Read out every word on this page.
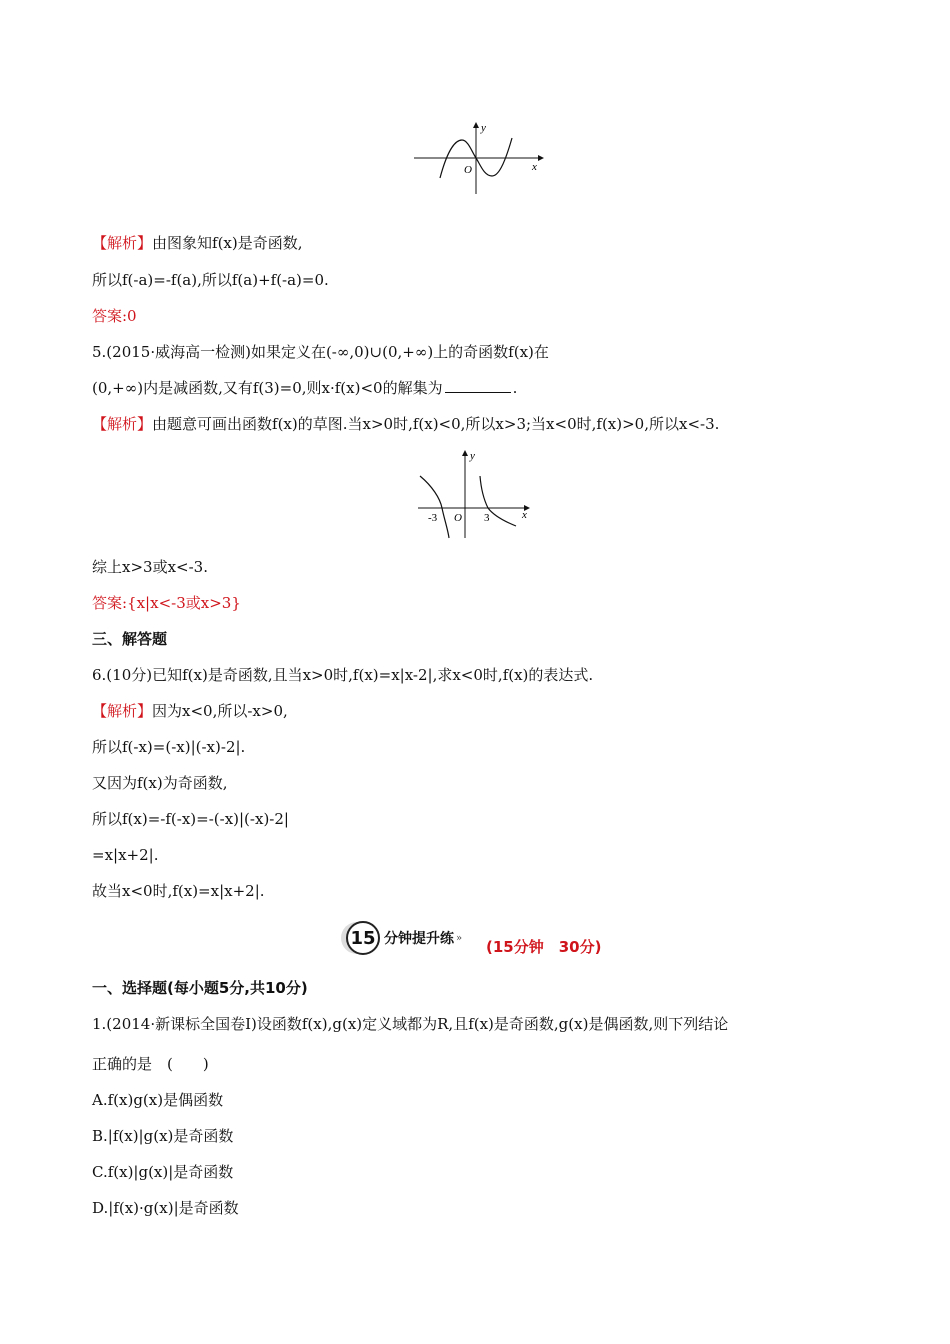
y
x
O
【解析】由图象知f(x)是奇函数,
所以f(-a)=-f(a),所以f(a)+f(-a)=0.
答案:0
5.(2015·威海高一检测)如果定义在(-∞,0)∪(0,+∞)上的奇函数f(x)在
(0,+∞)内是减函数,又有f(3)=0,则x·f(x)<0的解集为	.
【解析】由题意可画出函数f(x)的草图.当x>0时,f(x)<0,所以x>3;当x<0时,f(x)>0,所以x<-3.
y
x
O
-3	3
综上x>3或x<-3.
答案:{x|x<-3或x>3}
三、解答题
6.(10分)已知f(x)是奇函数,且当x>0时,f(x)=x|x-2|,求x<0时,f(x)的表达式.
【解析】因为x<0,所以-x>0,
所以f(-x)=(-x)|(-x)-2|.
又因为f(x)为奇函数,
所以f(x)=-f(-x)=-(-x)|(-x)-2|
=x|x+2|.
故当x<0时,f(x)=x|x+2|.
15 分钟提升练 » (15分钟　30分)
一、选择题(每小题5分,共10分)
1.(2014·新课标全国卷Ⅰ)设函数f(x),g(x)定义域都为R,且f(x)是奇函数,g(x)是偶函数,则下列结论
正确的是　(　　)
A.f(x)g(x)是偶函数
B.|f(x)|g(x)是奇函数
C.f(x)|g(x)|是奇函数
D.|f(x)·g(x)|是奇函数
